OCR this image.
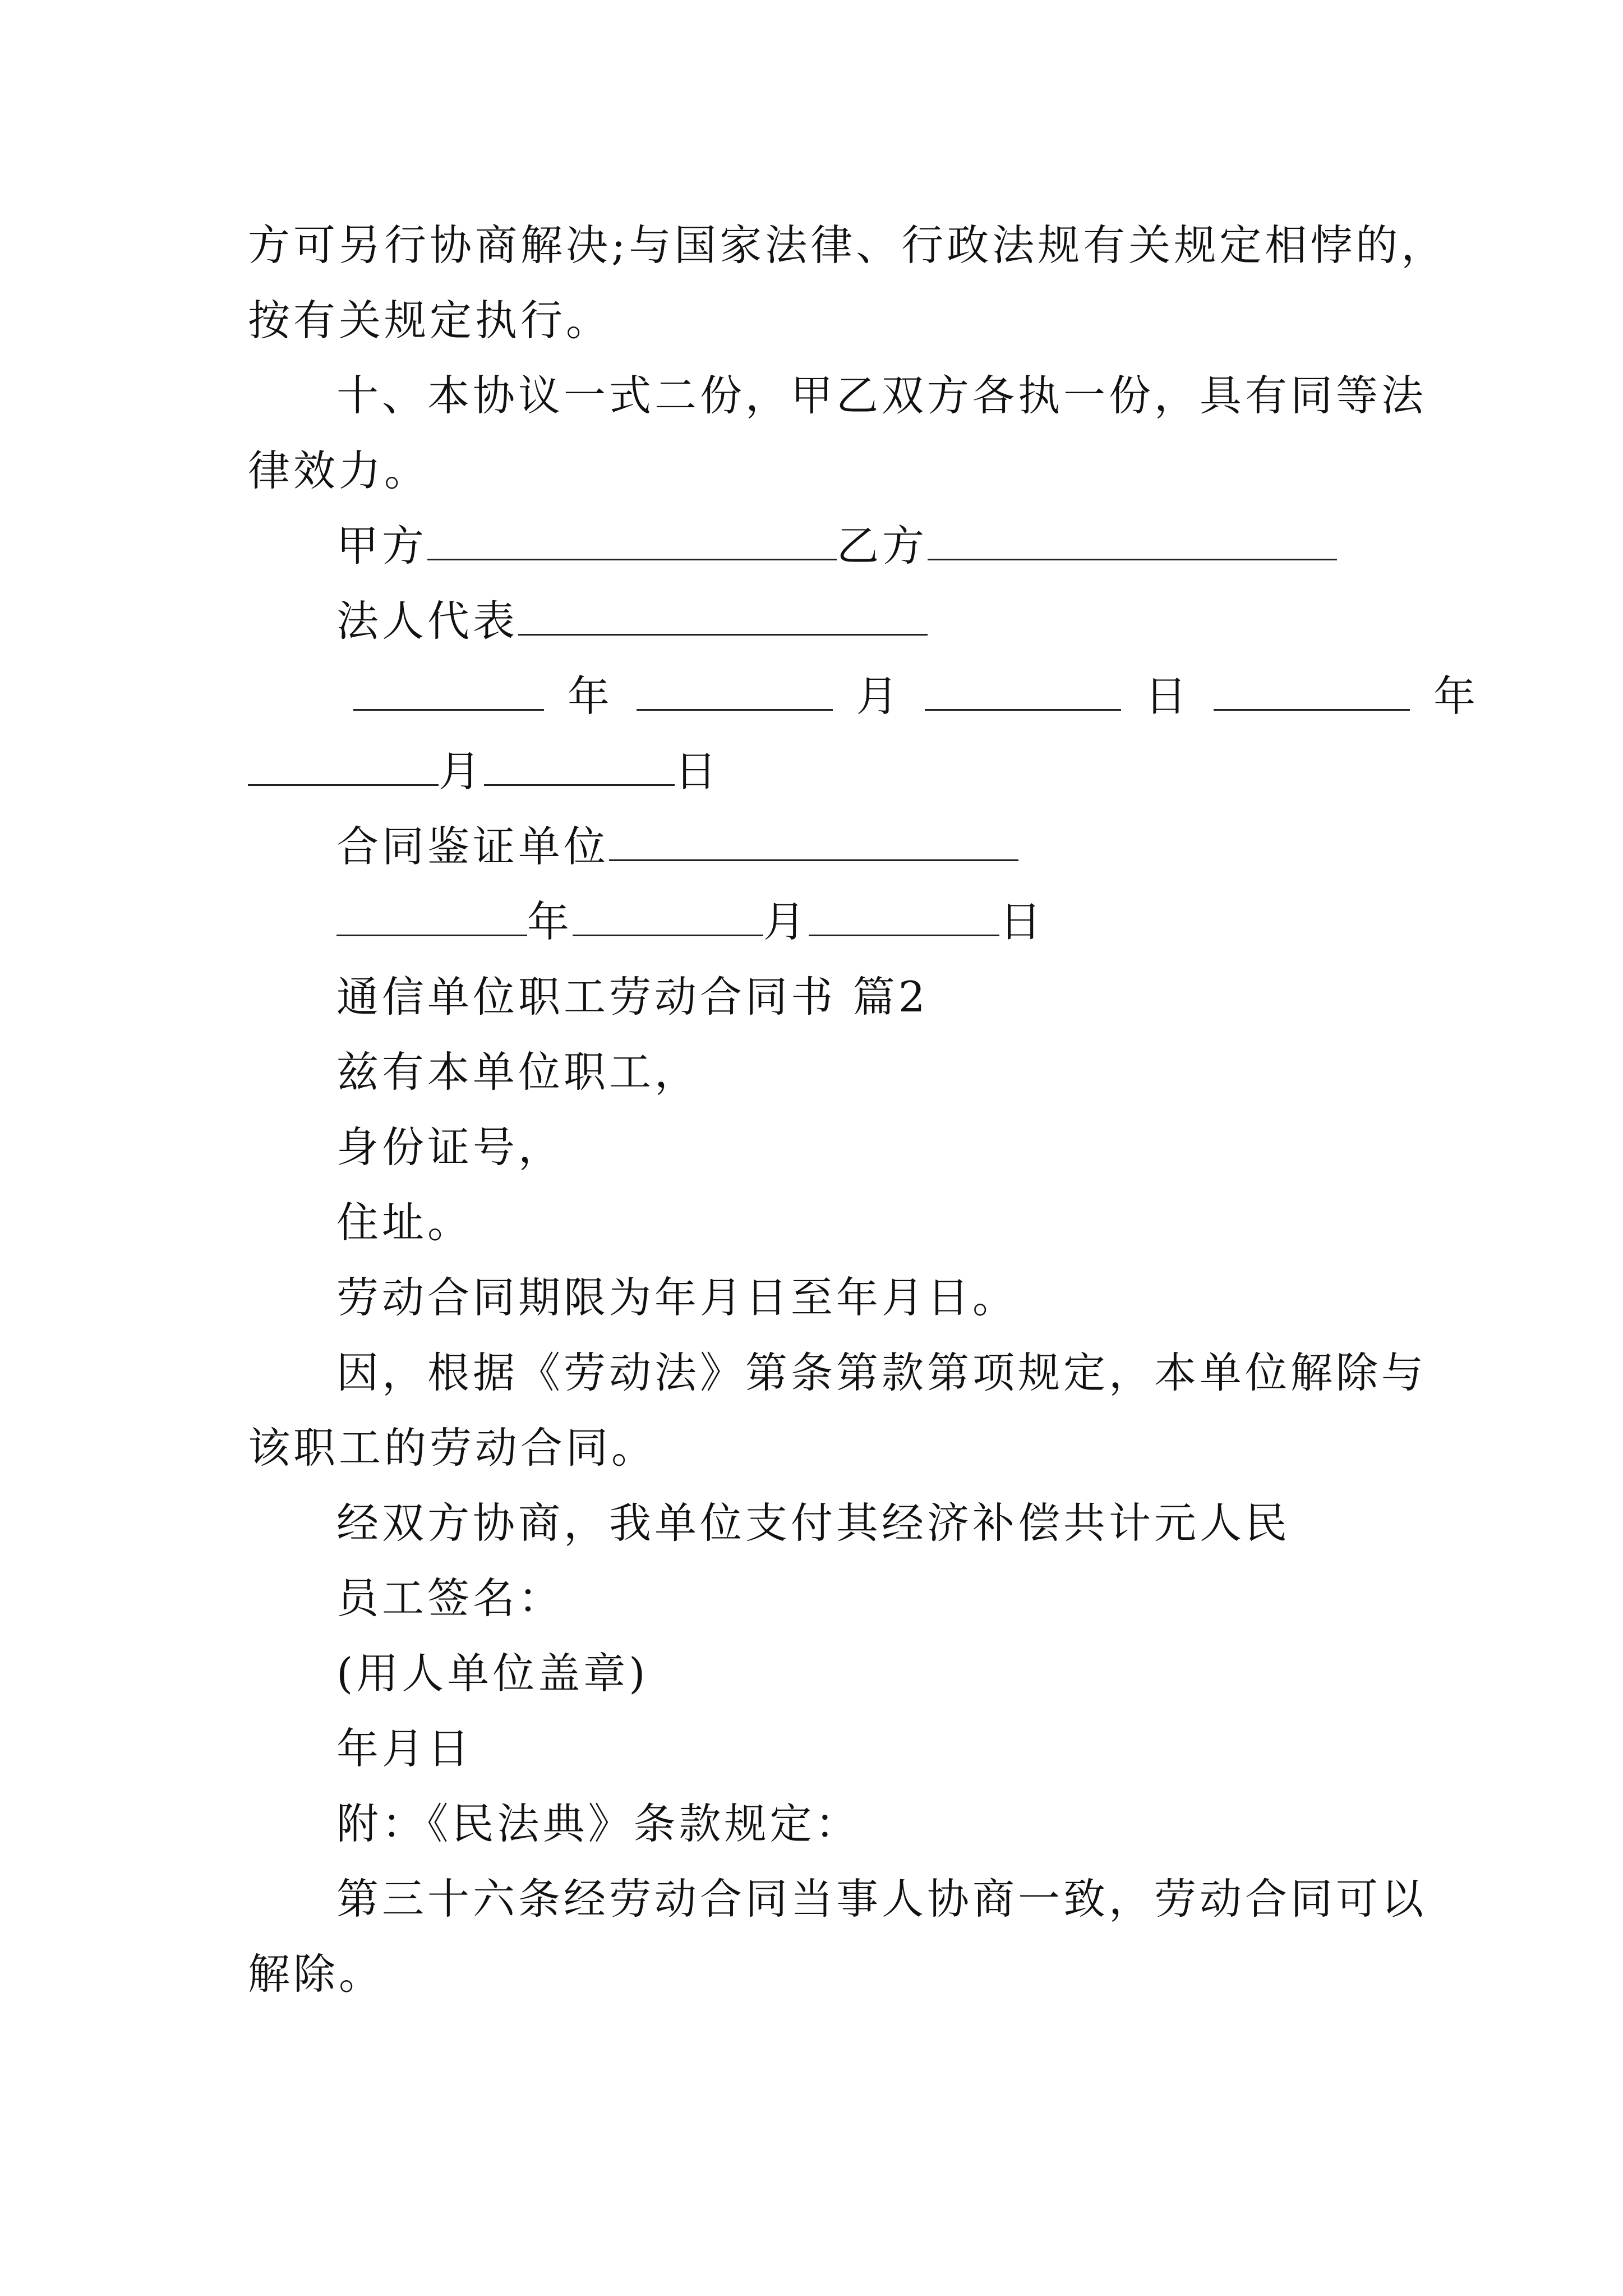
方可另行协商解决;与国家法律、行政法规有关规定相悖的，
按有关规定执行。
十、本协议一式二份，甲乙双方各执一份，具有同等法
律效力。
甲方	乙方
法人代表
年	月	日	年
月	日
合同鉴证单位
年	月	日
通信单位职工劳动合同书 篇2
兹有本单位职工，
身份证号，
住址。
劳动合同期限为年月日至年月日。
因，根据《劳动法》第条第款第项规定，本单位解除与
该职工的劳动合同。
经双方协商，我单位支付其经济补偿共计元人民
员工签名：
(用人单位盖章)
年月日
附：《民法典》条款规定：
第三十六条经劳动合同当事人协商一致，劳动合同可以
解除。
